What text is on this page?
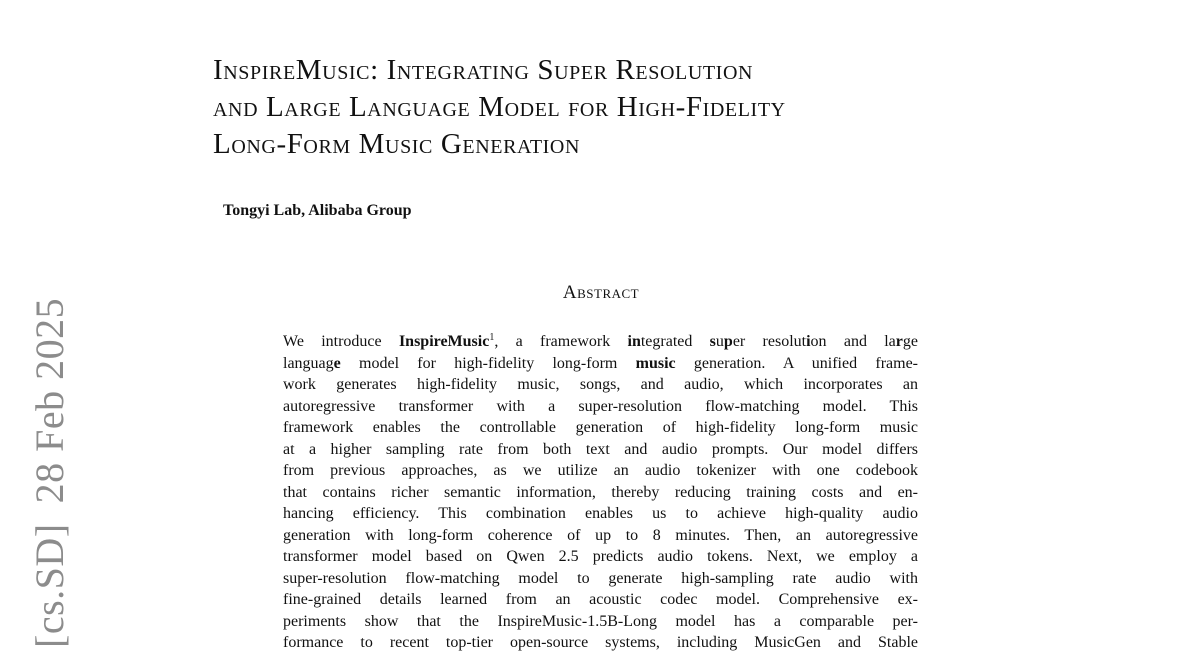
[cs.SD]28 Feb 2025
InspireMusic: Integrating Super Resolution
and Large Language Model for High-Fidelity
Long-Form Music Generation
Tongyi Lab, Alibaba Group
Abstract
We introduce InspireMusic$^1$, a framework integrated super resolution and large
language model for high-fidelity long-form music generation. A unified frame-
work generates high-fidelity music, songs, and audio, which incorporates an
autoregressive transformer with a super-resolution flow-matching model. This
framework enables the controllable generation of high-fidelity long-form music
at a higher sampling rate from both text and audio prompts. Our model differs
from previous approaches, as we utilize an audio tokenizer with one codebook
that contains richer semantic information, thereby reducing training costs and en-
hancing efficiency. This combination enables us to achieve high-quality audio
generation with long-form coherence of up to 8 minutes. Then, an autoregressive
transformer model based on Qwen 2.5 predicts audio tokens. Next, we employ a
super-resolution flow-matching model to generate high-sampling rate audio with
fine-grained details learned from an acoustic codec model. Comprehensive ex-
periments show that the InspireMusic-1.5B-Long model has a comparable per-
formance to recent top-tier open-source systems, including MusicGen and Stable
